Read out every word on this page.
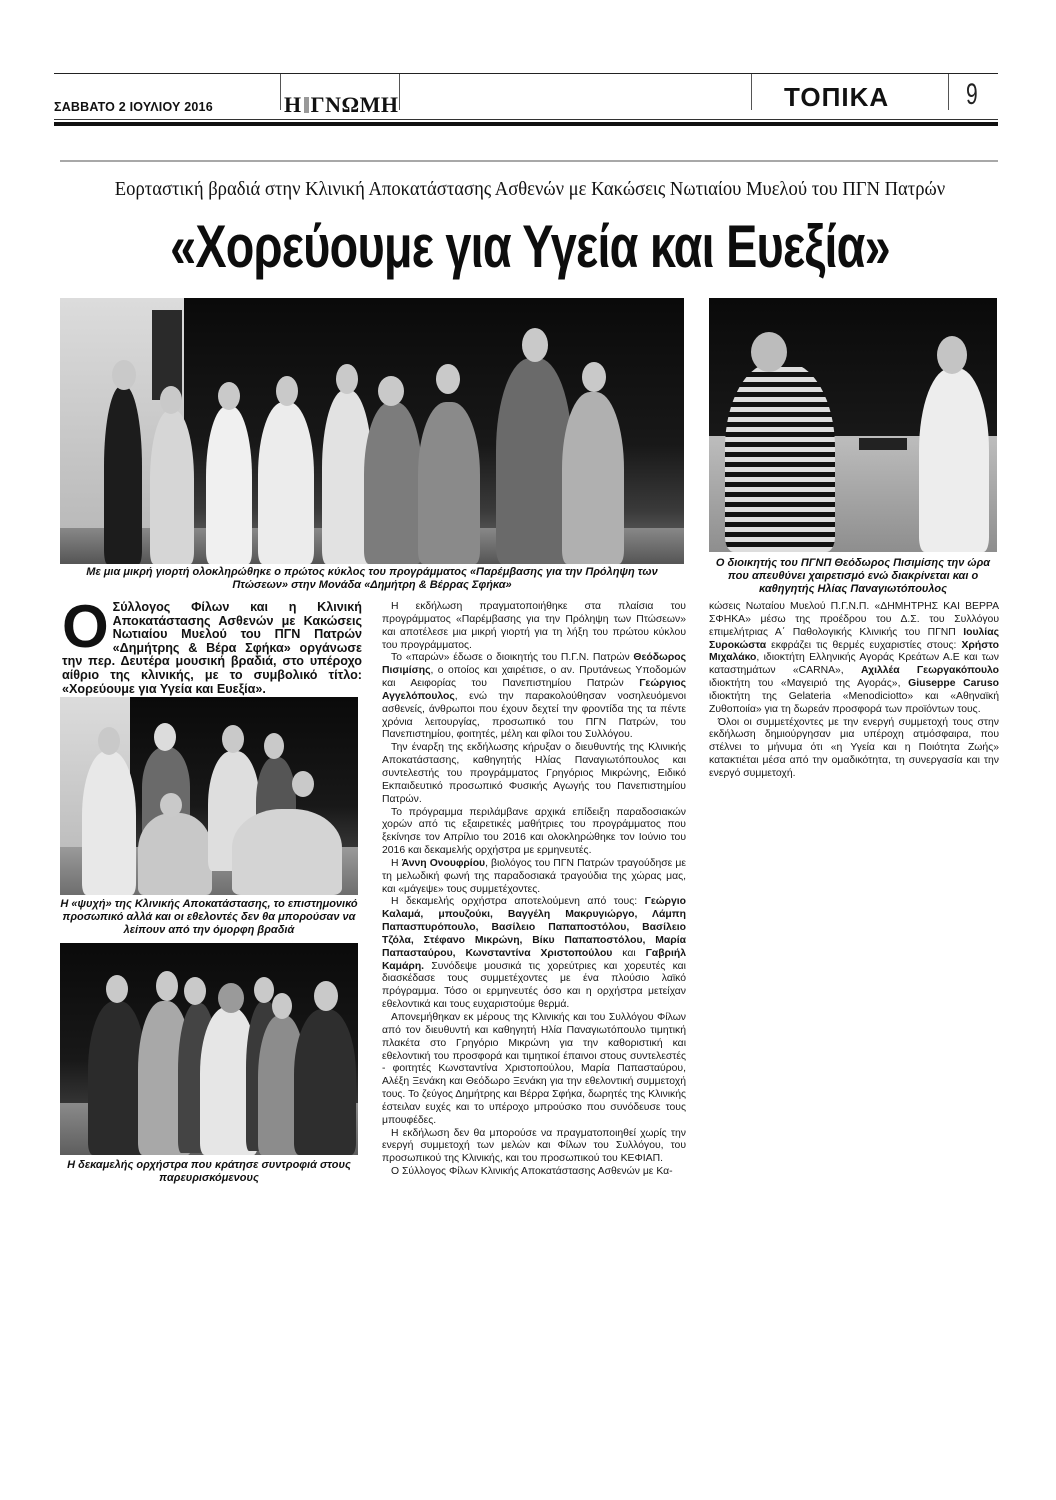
ΣΑΒΒΑΤΟ 2 ΙΟΥΛΙΟΥ 2016	Η ΓΝΩΜΗ	ΤΟΠΙΚΑ	9
Εορταστική βραδιά στην Κλινική Αποκατάστασης Ασθενών με Κακώσεις Νωτιαίου Μυελού του ΠΓΝ Πατρών
«Χορεύουμε για Υγεία και Ευεξία»
Με μια μικρή γιορτή ολοκληρώθηκε ο πρώτος κύκλος του προγράμματος «Παρέμβασης για την Πρόληψη των Πτώσεων» στην Μονάδα «Δημήτρη & Βέρρας Σφήκα»
Ο διοικητής του ΠΓΝΠ Θεόδωρος Πισιμίσης την ώρα που απευθύνει χαιρετισμό ενώ διακρίνεται και ο καθηγητής Ηλίας Παναγιωτόπουλος
Ο Σύλλογος Φίλων και η Κλινική Αποκατάστασης Ασθενών με Κακώσεις Νωτιαίου Μυελού του ΠΓΝ Πατρών «Δημήτρης & Βέρα Σφήκα» οργάνωσε την περ. Δευτέρα μουσική βραδιά, στο υπέροχο αίθριο της κλινικής, με το συμβολικό τίτλο: «Χορεύουμε για Υγεία και Ευεξία».
Η «ψυχή» της Κλινικής Αποκατάστασης, το επιστημονικό προσωπικό αλλά και οι εθελοντές δεν θα μπορούσαν να λείπουν από την όμορφη βραδιά
Η δεκαμελής ορχήστρα που κράτησε συντροφιά στους παρευρισκόμενους

Η εκδήλωση πραγματοποιήθηκε στα πλαίσια του προγράμματος «Παρέμβασης για την Πρόληψη των Πτώσεων» και αποτέλεσε μια μικρή γιορτή για τη λήξη του πρώτου κύκλου του προγράμματος.

Το «παρών» έδωσε ο διοικητής του Π.Γ.Ν. Πατρών Θεόδωρος Πισιμίσης, ο οποίος και χαιρέτισε, ο αν. Πρυτάνεως Υποδομών και Αειφορίας του Πανεπιστημίου Πατρών Γεώργιος Αγγελόπουλος, ενώ την παρακολούθησαν νοσηλευόμενοι ασθενείς, άνθρωποι που έχουν δεχτεί την φροντίδα της τα πέντε χρόνια λειτουργίας, προσωπικό του ΠΓΝ Πατρών, του Πανεπιστημίου, φοιτητές, μέλη και φίλοι του Συλλόγου.

Την έναρξη της εκδήλωσης κήρυξαν ο διευθυντής της Κλινικής Αποκατάστασης, καθηγητής Ηλίας Παναγιωτόπουλος και συντελεστής του προγράμματος Γρηγόριος Μικρώνης, Ειδικό Εκπαιδευτικό προσωπικό Φυσικής Αγωγής του Πανεπιστημίου Πατρών.

Το πρόγραμμα περιλάμβανε αρχικά επίδειξη παραδοσιακών χορών από τις εξαιρετικές μαθήτριες του προγράμματος που ξεκίνησε τον Απρίλιο του 2016 και ολοκληρώθηκε τον Ιούνιο του 2016 και δεκαμελής ορχήστρα με ερμηνευτές.

Η Άννη Ονουφρίου, βιολόγος του ΠΓΝ Πατρών τραγούδησε με τη μελωδική φωνή της παραδοσιακά τραγούδια της χώρας μας, και «μάγεψε» τους συμμετέχοντες.

Η δεκαμελής ορχήστρα αποτελούμενη από τους: Γεώργιο Καλαμά, μπουζούκι, Βαγγέλη Μακρυγιώργο, Λάμπη Παπασπυρόπουλο, Βασίλειο Παπαποστόλου, Βασίλειο Τζόλα, Στέφανο Μικρώνη, Βίκυ Παπαποστόλου, Μαρία Παπασταύρου, Κωνσταντίνα Χριστοπούλου και Γαβριήλ Καμάρη. Συνόδεψε μουσικά τις χορεύτριες και χορευτές και διασκέδασε τους συμμετέχοντες με ένα πλούσιο λαϊκό πρόγραμμα. Τόσο οι ερμηνευτές όσο και η ορχήστρα μετείχαν εθελοντικά και τους ευχαριστούμε θερμά.

Απονεμήθηκαν εκ μέρους της Κλινικής και του Συλλόγου Φίλων από τον διευθυντή και καθηγητή Ηλία Παναγιωτόπουλο τιμητική πλακέτα στο Γρηγόριο Μικρώνη για την καθοριστική και εθελοντική του προσφορά και τιμητικοί έπαινοι στους συντελεστές - φοιτητές Κωνσταντίνα Χριστοπούλου, Μαρία Παπασταύρου, Αλέξη Ξενάκη και Θεόδωρο Ξενάκη για την εθελοντική συμμετοχή τους. Το ζεύγος Δημήτρης και Βέρρα Σφήκα, δωρητές της Κλινικής έστειλαν ευχές και το υπέροχο μπρούσκο που συνόδευσε τους μπουφέδες.

Η εκδήλωση δεν θα μπορούσε να πραγματοποιηθεί χωρίς την ενεργή συμμετοχή των μελών και Φίλων του Συλλόγου, του προσωπικού της Κλινικής, και του προσωπικού του ΚΕΦΙΑΠ.

Ο Σύλλογος Φίλων Κλινικής Αποκατάστασης Ασθενών με Κα-

κώσεις Νωταίου Μυελού Π.Γ.Ν.Π. «ΔΗΜΗΤΡΗΣ ΚΑΙ ΒΕΡΡΑ ΣΦΗΚΑ» μέσω της προέδρου του Δ.Σ. του Συλλόγου επιμελήτριας Α΄ Παθολογικής Κλινικής του ΠΓΝΠ Ιουλίας Συροκώστα εκφράζει τις θερμές ευχαριστίες στους: Χρήστο Μιχαλάκο, ιδιοκτήτη Ελληνικής Αγοράς Κρεάτων Α.Ε και των καταστημάτων «CARNA», Αχιλλέα Γεωργακόπουλο ιδιοκτήτη του «Μαγειριό της Αγοράς», Giuseppe Caruso ιδιοκτήτη της Gelateria «Menodiciotto» και «Αθηναϊκή Ζυθοποιία» για τη δωρεάν προσφορά των προϊόντων τους.

Όλοι οι συμμετέχοντες με την ενεργή συμμετοχή τους στην εκδήλωση δημιούργησαν μια υπέροχη ατμόσφαιρα, που στέλνει το μήνυμα ότι «η Υγεία και η Ποιότητα Ζωής» κατακτιέται μέσα από την ομαδικότητα, τη συνεργασία και την ενεργό συμμετοχή.
